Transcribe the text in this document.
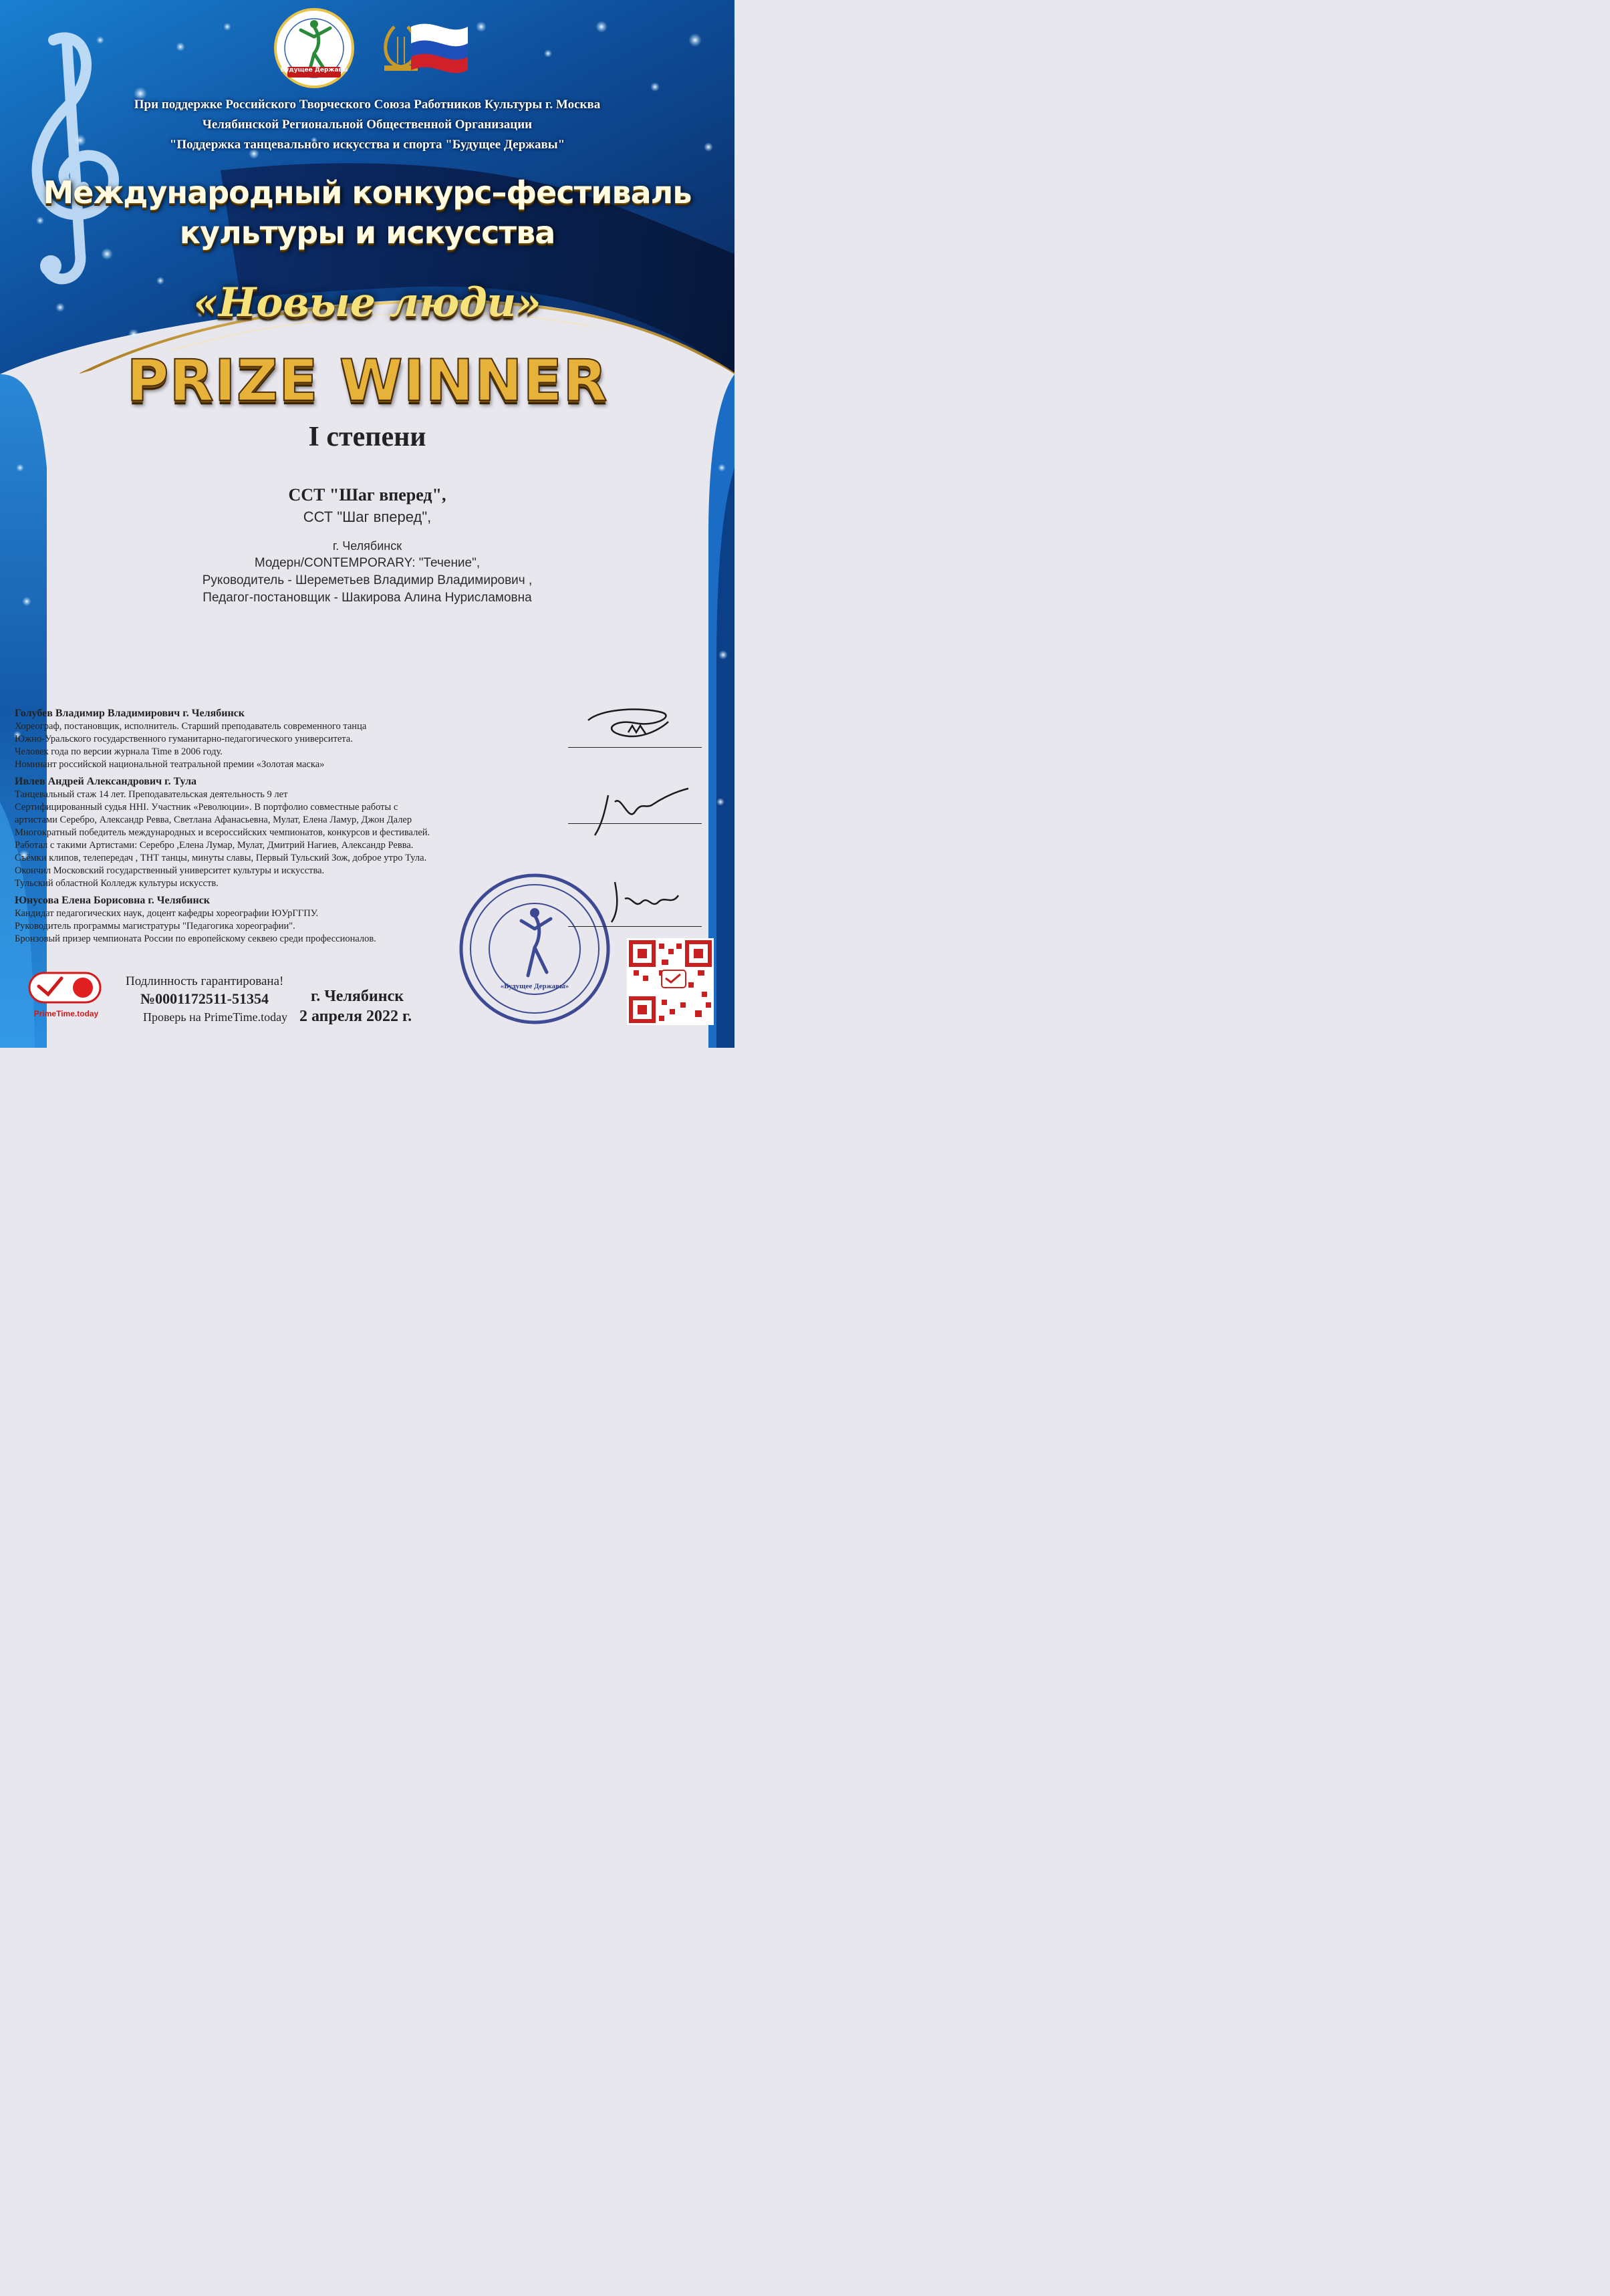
Будущее Державы
При поддержке Российского Творческого Союза Работников Культуры г. Москва
Челябинской Региональной Общественной Организации
"Поддержка танцевального искусства и спорта "Будущее Державы"
Международный конкурс–фестиваль
культуры и искусства
«Новые люди»
PRIZE WINNER
I степени
ССТ "Шаг вперед",
ССТ "Шаг вперед",
г. Челябинск
Модерн/CONTEMPORARY: "Течение",
Руководитель - Шереметьев Владимир Владимирович ,
Педагог-постановщик - Шакирова Алина Нурисламовна
Голубев Владимир Владимирович г. Челябинск
Хореограф, постановщик, исполнитель. Старший преподаватель современного танца
Южно-Уральского государственного гуманитарно-педагогического университета.
Человек года по версии журнала Time в 2006 году.
Номинант российской национальной театральной премии «Золотая маска»
Ивлев Андрей Александрович г. Тула
Танцевальный стаж 14 лет. Преподавательская деятельность 9 лет
Сертифицированный судья ННI. Участник «Революции». В портфолио совместные работы с
артистами Серебро, Александр Ревва, Светлана Афанасьевна, Мулат, Елена Ламур, Джон Далер
Многократный победитель международных и всероссийских чемпионатов, конкурсов и фестивалей.
Работал с такими Артистами: Серебро ,Елена Лумар, Мулат, Дмитрий Нагиев, Александр Ревва.
Съёмки клипов, телепередач , ТНТ танцы, минуты славы, Первый Тульский Зож, доброе утро Тула.
Окончил Московский государственный университет культуры и искусства.
Тульский областной Колледж культуры искусств.
Юнусова Елена Борисовна г. Челябинск
Кандидат педагогических наук, доцент кафедры хореографии ЮУрГГПУ.
Руководитель программы магистратуры "Педагогика хореографии".
Бронзовый призер чемпионата России по европейскому секвею среди профессионалов.
«Будущее Державы»
Подлинность гарантирована!
№0001172511-51354
Проверь на PrimeTime.today
г. Челябинск
2 апреля 2022 г.
PrimeTime.today
